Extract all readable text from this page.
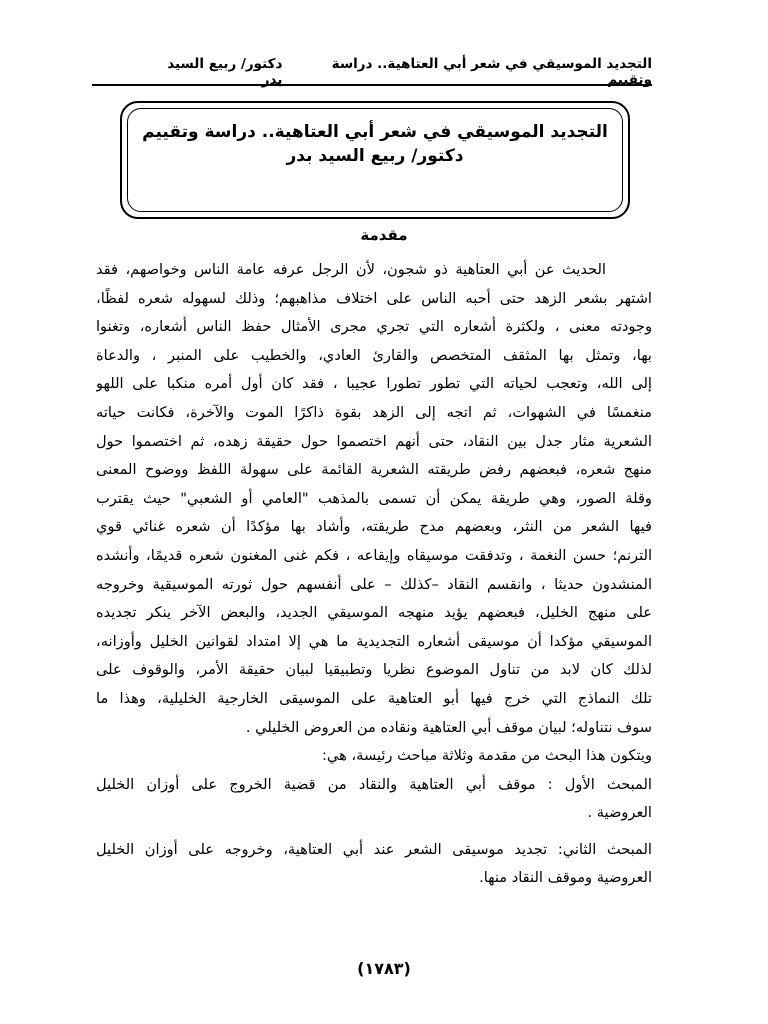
التجديد الموسيقي في شعر أبي العتاهية.. دراسة وتقييم
دكتور/ ربيع السيد بدر
التجديد الموسيقي في شعر أبي العتاهية.. دراسة وتقييم
دكتور/ ربيع السيد بدر
مقدمة
الحديث عن أبي العتاهية ذو شجون، لأن الرجل عرفه عامة الناس وخواصهم، فقد
اشتهر بشعر الزهد حتى أحبه الناس على اختلاف مذاهبهم؛ وذلك لسهوله شعره لفظًا،
وجودته معنى ، ولكثرة أشعاره التي تجري مجرى الأمثال حفظ الناس أشعاره، وتغنوا
بها، وتمثل بها المثقف المتخصص والقارئ العادي، والخطيب على المنبر ، والدعاة
إلى الله، وتعجب لحياته التي تطور تطورا عجيبا ، فقد كان أول أمره منكبا على اللهو
منغمسًا في الشهوات، ثم اتجه إلى الزهد بقوة ذاكرًا الموت والآخرة، فكانت حياته
الشعرية مثار جدل بين النقاد، حتى أنهم اختصموا حول حقيقة زهده، ثم اختصموا حول
منهج شعره، فبعضهم رفض طريقته الشعرية القائمة على سهولة اللفظ ووضوح المعنى
وقلة الصور، وهي طريقة يمكن أن تسمى بالمذهب "العامي أو الشعبي" حيث يقترب
فيها الشعر من النثر، وبعضهم مدح طريقته، وأشاد بها مؤكدًا أن شعره غنائي قوي
الترنم؛ حسن النغمة ، وتدفقت موسيقاه وإيقاعه ، فكم غنى المغنون شعره قديمًا، وأنشده
المنشدون حديثا ، وانقسم النقاد –كذلك – على أنفسهم حول ثورته الموسيقية وخروجه
على منهج الخليل، فبعضهم يؤيد منهجه الموسيقي الجديد، والبعض الآخر ينكر تجديده
الموسيقي مؤكدا أن موسيقى أشعاره التجديدية ما هي إلا امتداد لقوانين الخليل وأوزانه،
لذلك كان لابد من تناول الموضوع نظريا وتطبيقيا لبيان حقيقة الأمر، والوقوف على
تلك النماذج التي خرج فيها أبو العتاهية على الموسيقى الخارجية الخليلية، وهذا ما
سوف نتناوله؛ لبيان موقف أبي العتاهية ونقاده من العروض الخليلي .
ويتكون هذا البحث من مقدمة وثلاثة مباحث رئيسة، هي:
المبحث الأول : موقف أبي العتاهية والنقاد من قضية الخروج على أوزان الخليل
العروضية .
المبحث الثاني: تجديد موسيقى الشعر عند أبي العتاهية، وخروجه على أوزان الخليل
العروضية وموقف النقاد منها.
(١٧٨٣)
